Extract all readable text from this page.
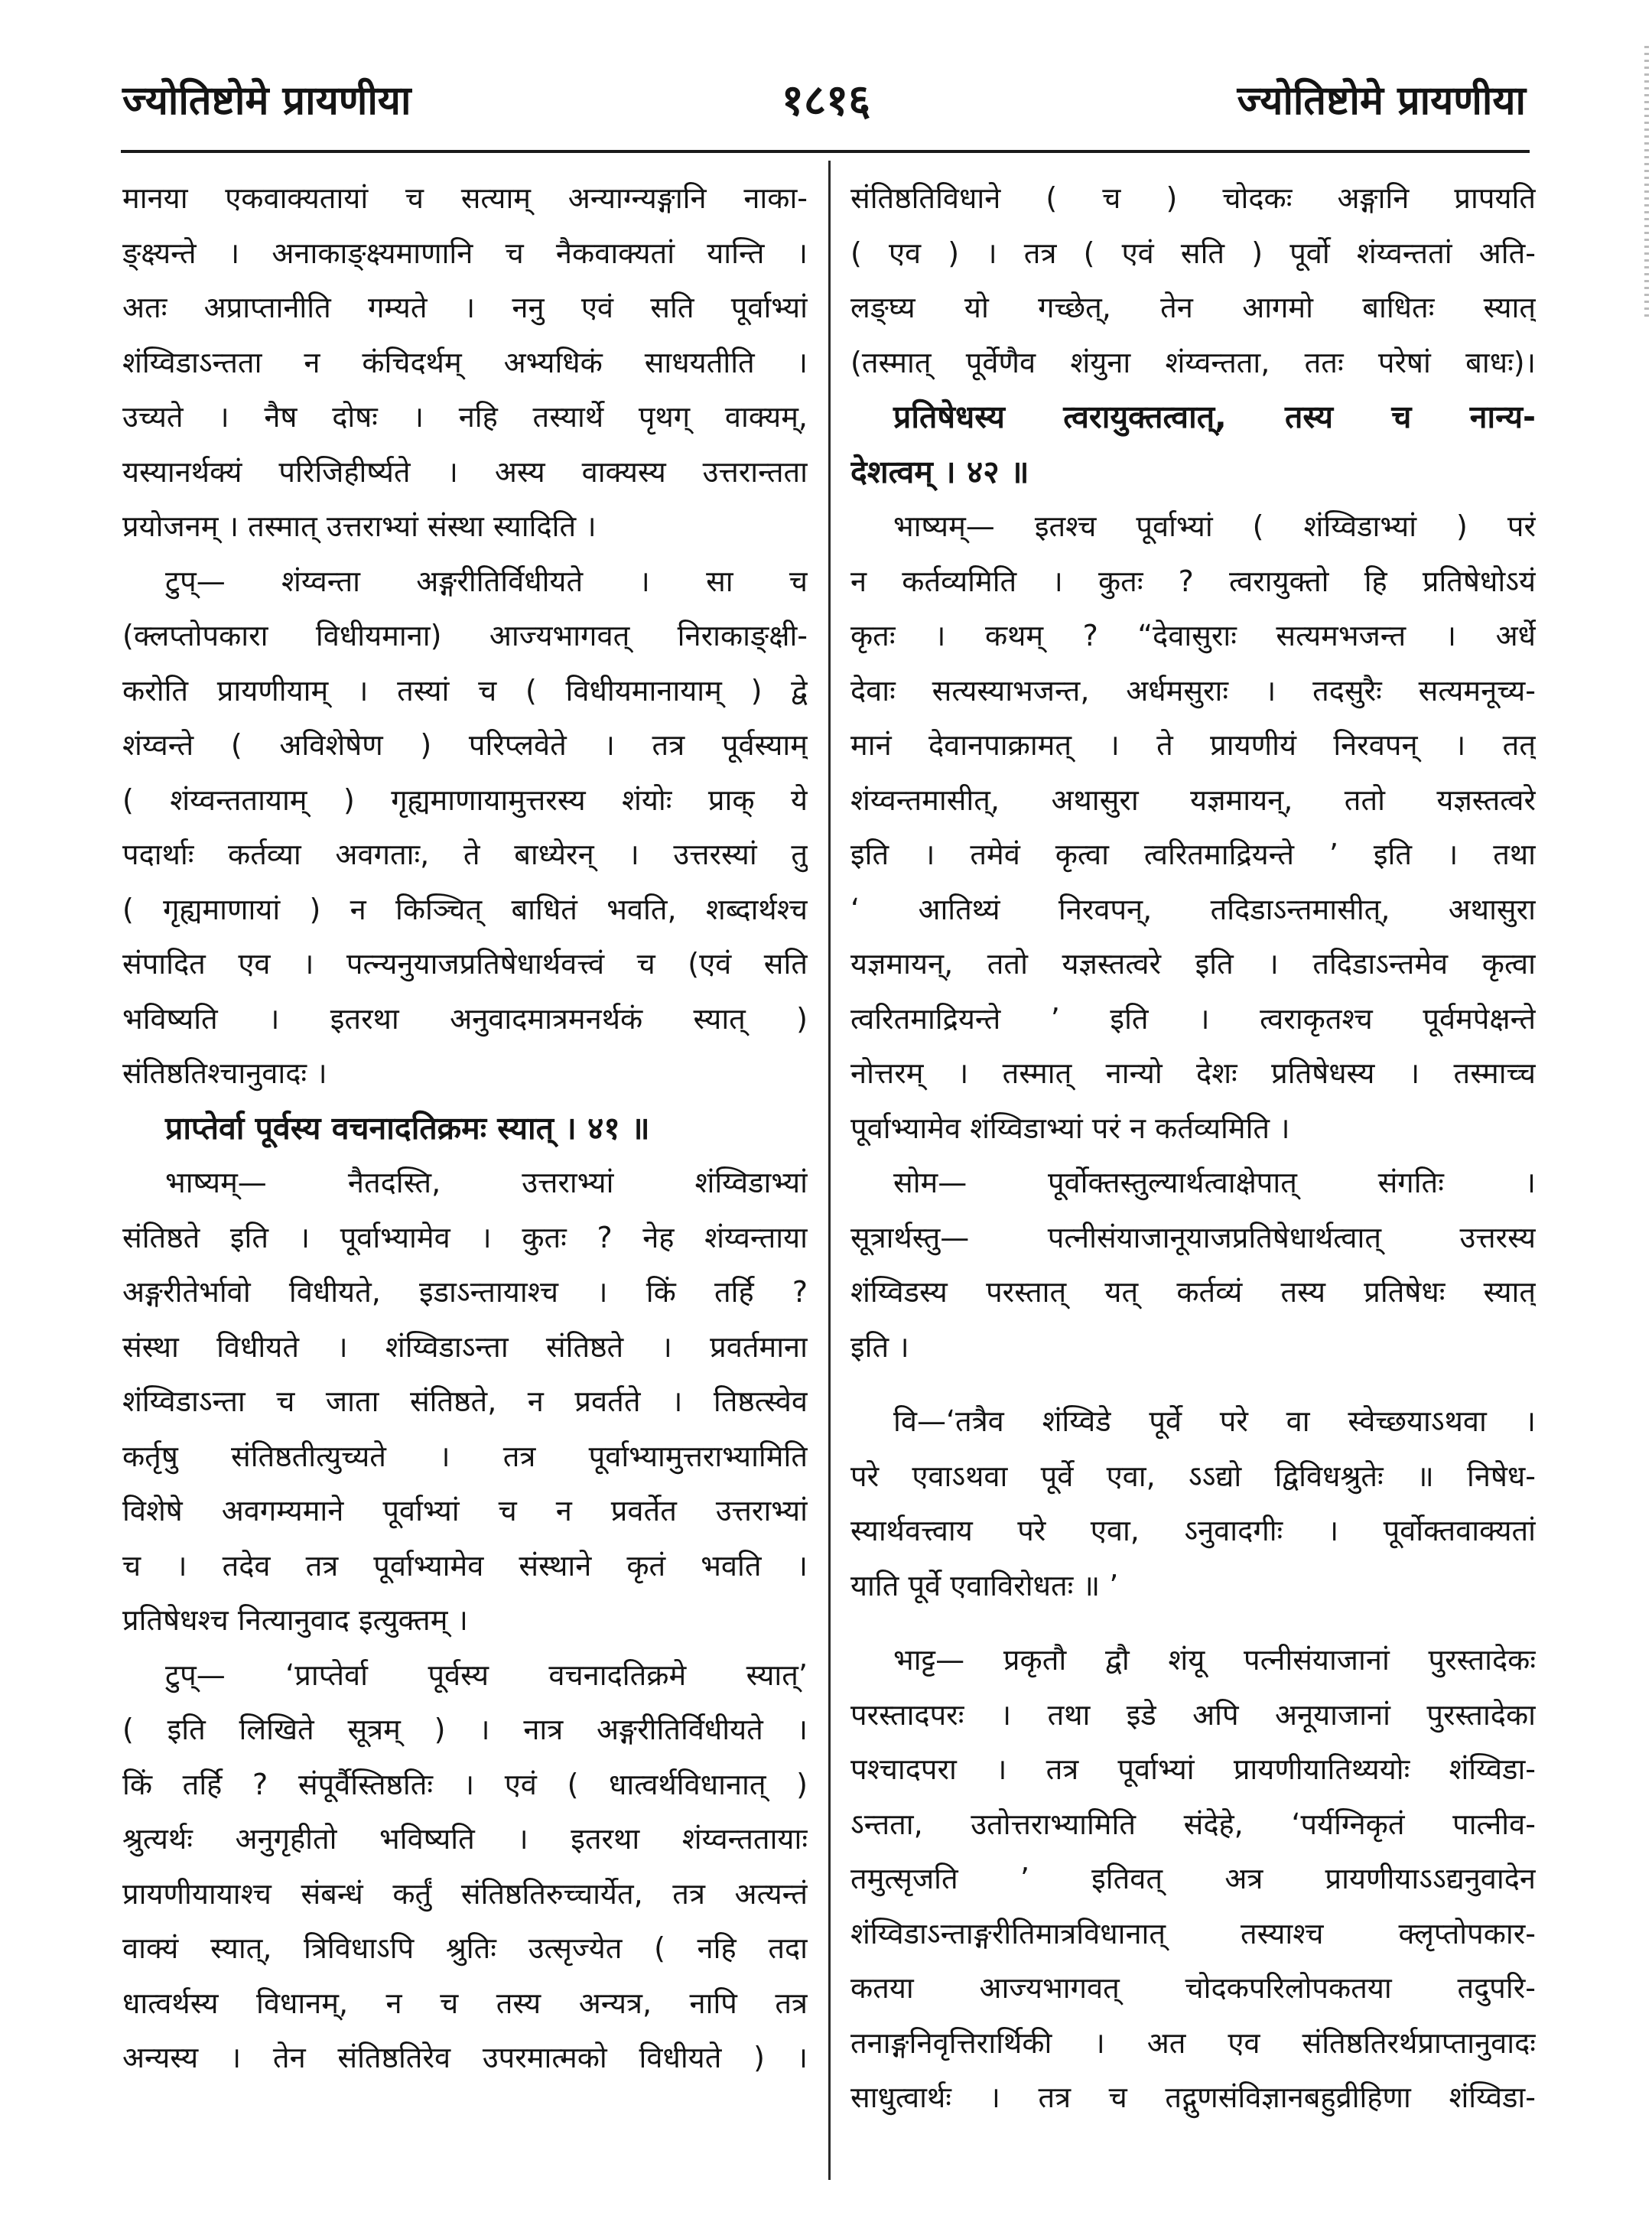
ज्योतिष्टोमे प्रायणीया	१८१६	ज्योतिष्टोमे प्रायणीया
मानया एकवाक्यतायां च सत्याम् अन्याग्न्यङ्गानि नाका-
ङ्क्ष्यन्ते । अनाकाङ्क्ष्यमाणानि च नैकवाक्यतां यान्ति ।
अतः अप्राप्तानीति गम्यते । ननु एवं सति पूर्वाभ्यां
शंय्विडाऽन्तता न कंचिदर्थम् अभ्यधिकं साधयतीति ।
उच्यते । नैष दोषः । नहि तस्यार्थे पृथग् वाक्यम्,
यस्यानर्थक्यं परिजिहीर्ष्यते । अस्य वाक्यस्य उत्तरान्तता
प्रयोजनम् । तस्मात् उत्तराभ्यां संस्था स्यादिति ।
टुप्— शंय्वन्ता अङ्गरीतिर्विधीयते । सा च
(क्लप्तोपकारा विधीयमाना) आज्यभागवत् निराकाङ्क्षी-
करोति प्रायणीयाम् । तस्यां च ( विधीयमानायाम् ) द्वे
शंय्वन्ते ( अविशेषेण ) परिप्लवेते । तत्र पूर्वस्याम्
( शंय्वन्ततायाम् ) गृह्यमाणायामुत्तरस्य शंयोः प्राक् ये
पदार्थाः कर्तव्या अवगताः, ते बाध्येरन् । उत्तरस्यां तु
( गृह्यमाणायां ) न किञ्चित् बाधितं भवति, शब्दार्थश्च
संपादित एव । पत्न्यनुयाजप्रतिषेधार्थवत्त्वं च (एवं सति
भविष्यति । इतरथा अनुवादमात्रमनर्थकं स्यात् )
संतिष्ठतिश्चानुवादः ।
प्राप्तेर्वा पूर्वस्य वचनादतिक्रमः स्यात् । ४१ ॥
भाष्यम्— नैतदस्ति, उत्तराभ्यां शंय्विडाभ्यां
संतिष्ठते इति । पूर्वाभ्यामेव । कुतः ? नेह शंय्वन्ताया
अङ्गरीतेर्भावो विधीयते, इडाऽन्तायाश्च । किं तर्हि ?
संस्था विधीयते । शंय्विडाऽन्ता संतिष्ठते । प्रवर्तमाना
शंय्विडाऽन्ता च जाता संतिष्ठते, न प्रवर्तते । तिष्ठत्स्वेव
कर्तृषु संतिष्ठतीत्युच्यते । तत्र पूर्वाभ्यामुत्तराभ्यामिति
विशेषे अवगम्यमाने पूर्वाभ्यां च न प्रवर्तेत उत्तराभ्यां
च । तदेव तत्र पूर्वाभ्यामेव संस्थाने कृतं भवति ।
प्रतिषेधश्च नित्यानुवाद इत्युक्तम् ।
टुप्— ‘प्राप्तेर्वा पूर्वस्य वचनादतिक्रमे स्यात्’
( इति लिखिते सूत्रम् ) । नात्र अङ्गरीतिर्विधीयते ।
किं तर्हि ? संपूर्वैस्तिष्ठतिः । एवं ( धात्वर्थविधानात् )
श्रुत्यर्थः अनुगृहीतो भविष्यति । इतरथा शंय्वन्ततायाः
प्रायणीयायाश्च संबन्धं कर्तुं संतिष्ठतिरुच्चार्येत, तत्र अत्यन्तं
वाक्यं स्यात्, त्रिविधाऽपि श्रुतिः उत्सृज्येत ( नहि तदा
धात्वर्थस्य विधानम्, न च तस्य अन्यत्र, नापि तत्र
अन्यस्य । तेन संतिष्ठतिरेव उपरमात्मको विधीयते ) ।
संतिष्ठतिविधाने ( च ) चोदकः अङ्गानि प्रापयति
( एव ) । तत्र ( एवं सति ) पूर्वो शंय्वन्ततां अति-
लङ्घ्य यो गच्छेत्, तेन आगमो बाधितः स्यात्
(तस्मात् पूर्वेणैव शंयुना शंय्वन्तता, ततः परेषां बाधः)।
प्रतिषेधस्य त्वरायुक्तत्वात्, तस्य च नान्य-
देशत्वम् । ४२ ॥
भाष्यम्— इतश्च पूर्वाभ्यां ( शंय्विडाभ्यां ) परं
न कर्तव्यमिति । कुतः ? त्वरायुक्तो हि प्रतिषेधोऽयं
कृतः । कथम् ? “देवासुराः सत्यमभजन्त । अर्धे
देवाः सत्यस्याभजन्त, अर्धमसुराः । तदसुरैः सत्यमनूच्य-
मानं देवानपाक्रामत् । ते प्रायणीयं निरवपन् । तत्
शंय्वन्तमासीत्, अथासुरा यज्ञमायन्, ततो यज्ञस्तत्वरे
इति । तमेवं कृत्वा त्वरितमाद्रियन्ते ’ इति । तथा
‘ आतिथ्यं निरवपन्, तदिडाऽन्तमासीत्, अथासुरा
यज्ञमायन्, ततो यज्ञस्तत्वरे इति । तदिडाऽन्तमेव कृत्वा
त्वरितमाद्रियन्ते ’ इति । त्वराकृतश्च पूर्वमपेक्षन्ते
नोत्तरम् । तस्मात् नान्यो देशः प्रतिषेधस्य । तस्माच्च
पूर्वाभ्यामेव शंय्विडाभ्यां परं न कर्तव्यमिति ।
सोम— पूर्वोक्तस्तुल्यार्थत्वाक्षेपात् संगतिः ।
सूत्रार्थस्तु— पत्नीसंयाजानूयाजप्रतिषेधार्थत्वात् उत्तरस्य
शंय्विडस्य परस्तात् यत् कर्तव्यं तस्य प्रतिषेधः स्यात्
इति ।
वि—‘तत्रैव शंय्विडे पूर्वे परे वा स्वेच्छयाऽथवा ।
परे एवाऽथवा पूर्वे एवा, ऽऽद्यो द्विविधश्रुतेः ॥ निषेध-
स्यार्थवत्त्वाय परे एवा, ऽनुवादगीः । पूर्वोक्तवाक्यतां
याति पूर्वे एवाविरोधतः ॥ ’
भाट्ट— प्रकृतौ द्वौ शंयू पत्नीसंयाजानां पुरस्तादेकः
परस्तादपरः । तथा इडे अपि अनूयाजानां पुरस्तादेका
पश्चादपरा । तत्र पूर्वाभ्यां प्रायणीयातिथ्ययोः शंय्विडा-
ऽन्तता, उतोत्तराभ्यामिति संदेहे, ‘पर्यग्निकृतं पात्नीव-
तमुत्सृजति ’ इतिवत् अत्र प्रायणीयाऽऽद्यनुवादेन
शंय्विडाऽन्ताङ्गरीतिमात्रविधानात् तस्याश्च क्लृप्तोपकार-
कतया आज्यभागवत् चोदकपरिलोपकतया तदुपरि-
तनाङ्गनिवृत्तिरार्थिकी । अत एव संतिष्ठतिरर्थप्राप्तानुवादः
साधुत्वार्थः । तत्र च तद्गुणसंविज्ञानबहुव्रीहिणा शंय्विडा-
